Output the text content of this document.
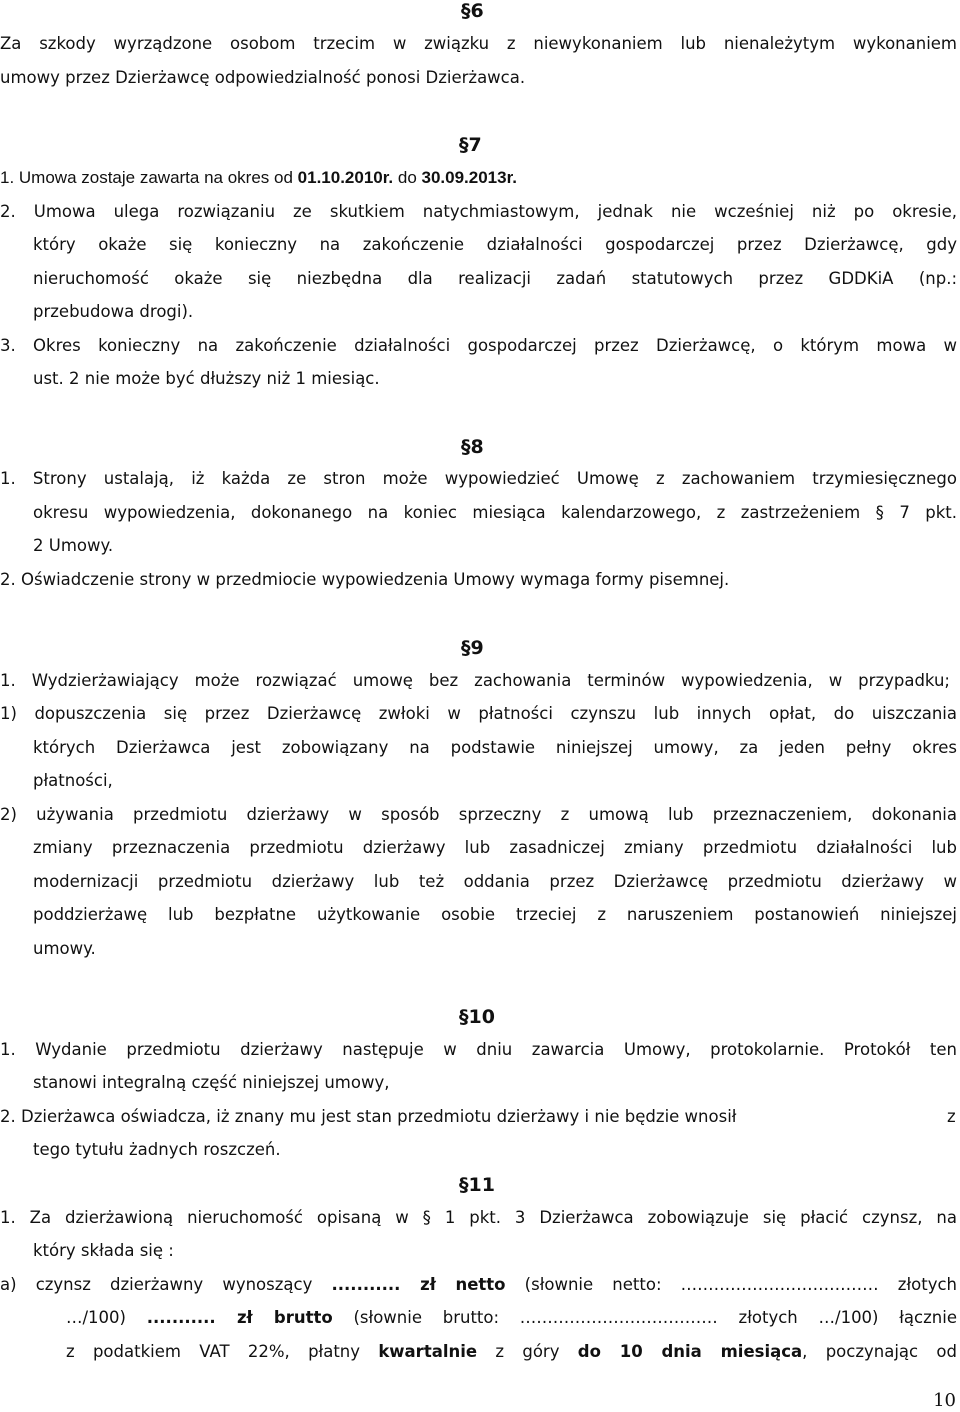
§6
Za szkody wyrządzone osobom trzecim w związku z niewykonaniem lub nienależytym wykonaniem
umowy przez Dzierżawcę odpowiedzialność ponosi Dzierżawca.
§7
1. Umowa zostaje zawarta na okres od 01.10.2010r. do 30.09.2013r.
2. Umowa ulega rozwiązaniu ze skutkiem natychmiastowym, jednak nie wcześniej niż po okresie,
który okaże się konieczny na zakończenie działalności gospodarczej przez Dzierżawcę, gdy
nieruchomość okaże się niezbędna dla realizacji zadań statutowych przez GDDKiA (np.:
przebudowa drogi).
3. Okres konieczny na zakończenie działalności gospodarczej przez Dzierżawcę, o którym mowa w
ust. 2 nie może być dłuższy niż 1 miesiąc.
§8
1. Strony ustalają, iż każda ze stron może wypowiedzieć Umowę z zachowaniem trzymiesięcznego
okresu wypowiedzenia, dokonanego na koniec miesiąca kalendarzowego, z zastrzeżeniem § 7 pkt.
2 Umowy.
2. Oświadczenie strony w przedmiocie wypowiedzenia Umowy wymaga formy pisemnej.
§9
1. Wydzierżawiający może rozwiązać umowę bez zachowania terminów wypowiedzenia, w przypadku;
1) dopuszczenia się przez Dzierżawcę zwłoki w płatności czynszu lub innych opłat, do uiszczania
których Dzierżawca jest zobowiązany na podstawie niniejszej umowy, za jeden pełny okres
płatności,
2) używania przedmiotu dzierżawy w sposób sprzeczny z umową lub przeznaczeniem, dokonania
zmiany przeznaczenia przedmiotu dzierżawy lub zasadniczej zmiany przedmiotu działalności lub
modernizacji przedmiotu dzierżawy lub też oddania przez Dzierżawcę przedmiotu dzierżawy w
poddzierżawę lub bezpłatne użytkowanie osobie trzeciej z naruszeniem postanowień niniejszej
umowy.
§10
1. Wydanie przedmiotu dzierżawy następuje w dniu zawarcia Umowy, protokolarnie. Protokół ten
stanowi integralną część niniejszej umowy,
2. Dzierżawca oświadcza, iż znany mu jest stan przedmiotu dzierżawy i nie będzie wnosił	z
tego tytułu żadnych roszczeń.
§11
1. Za dzierżawioną nieruchomość opisaną w § 1 pkt. 3 Dzierżawca zobowiązuje się płacić czynsz, na
który składa się :
a) czynsz dzierżawny wynoszący ........... zł netto (słownie netto: ……………………………… złotych
…/100) ........... zł brutto (słownie brutto: ……………………………… złotych …/100) łącznie
z podatkiem VAT 22%, płatny kwartalnie z góry do 10 dnia miesiąca, poczynając od
10
